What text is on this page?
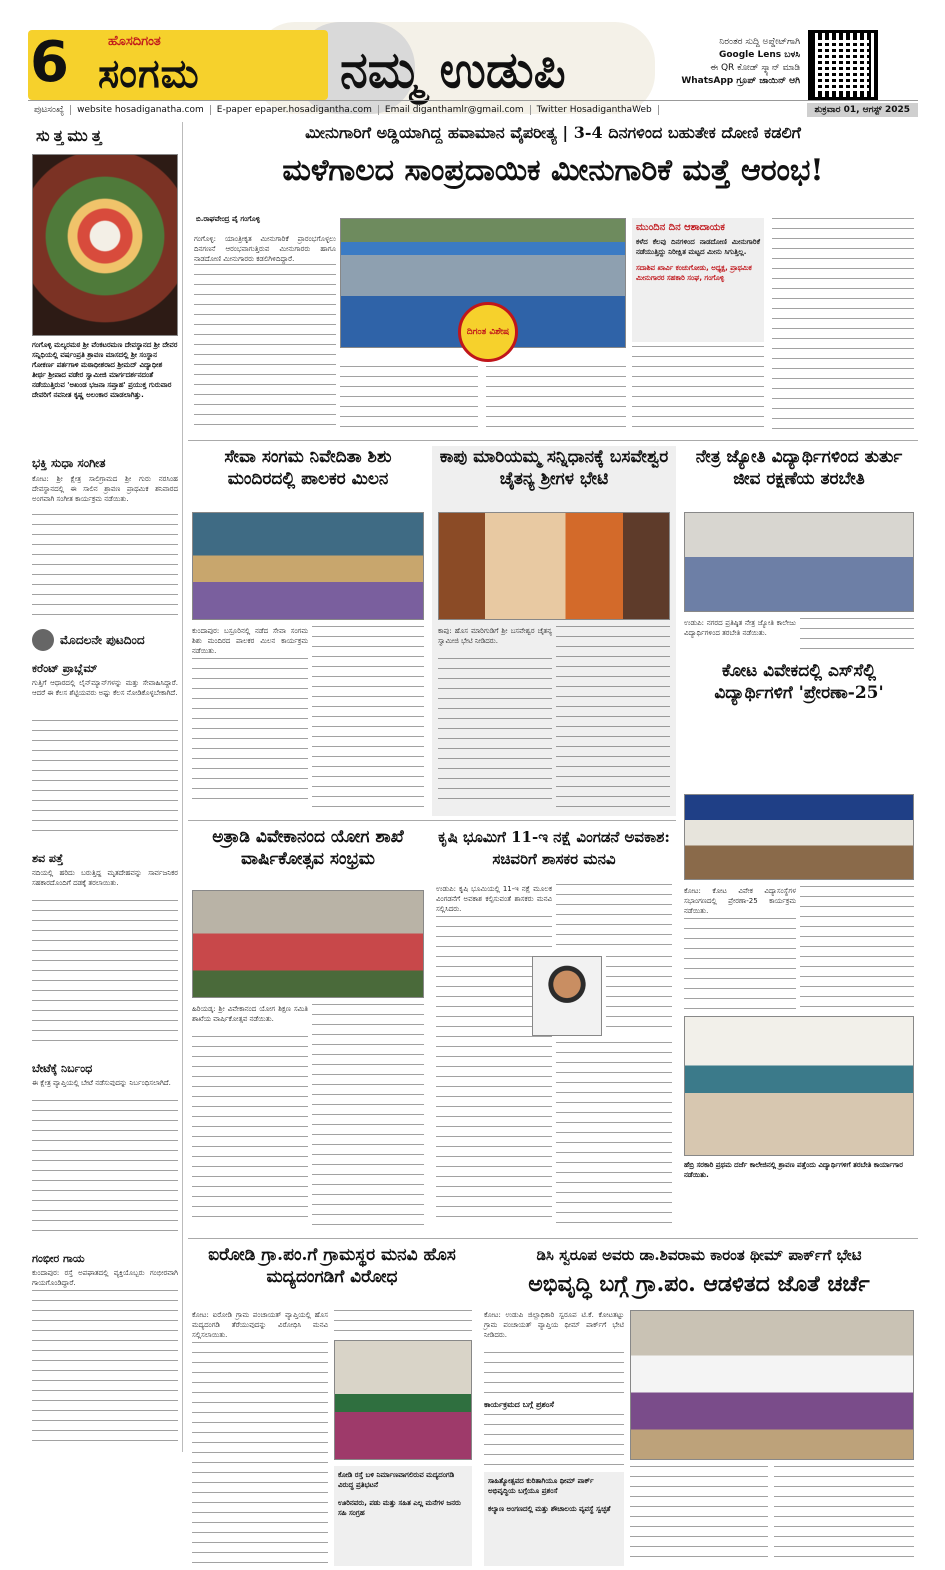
6	ಹೊಸದಿಗಂತ
ಸಂಗಮ	ನಮ್ಮ ಉಡುಪಿ	ನಿರಂತರ ಸುದ್ದಿ ಅಪ್ಡೇಟ್‌ಗಾಗಿ
Google Lens ಬಳಸಿ
ಈ QR ಕೋಡ್ ಸ್ಕ್ಯಾನ್ ಮಾಡಿ
WhatsApp ಗ್ರೂಪ್ ಜಾಯಿನ್ ಆಗಿ
ಪುಟಸಂಖ್ಯೆ	website hosadiganatha.com	E-paper epaper.hosadigantha.com	Email diganthamlr@gmail.com	Twitter HosadiganthaWeb	ಶುಕ್ರವಾರ 01, ಆಗಸ್ಟ್ 2025
ಸುತ್ತಮುತ್ತ
ಗಂಗೊಳ್ಳಿ ಮಲ್ಯರಮಠ ಶ್ರೀ ವೆಂಕಟರಮಣ ದೇವಸ್ಥಾನದ ಶ್ರೀ ದೇವರ ಸನ್ನಿಧಿಯಲ್ಲಿ ವರ್ಷಂಪ್ರತಿ ಶ್ರಾವಣ ಮಾಸದಲ್ಲಿ ಶ್ರೀ ಸಂಸ್ಥಾನ ಗೋಕರ್ಣ ಪರ್ತಗಾಳಿ ಮಠಾಧೀಶರಾದ ಶ್ರೀಮದ್ ವಿದ್ಯಾಧೀಶ ತೀರ್ಥ ಶ್ರೀಪಾದ ವಡೇರ ಸ್ವಾಮೀಜಿ ಮಾರ್ಗದರ್ಶನದಂತೆ ನಡೆಯುತ್ತಿರುವ 'ಅಖಂಡ ಭಜನಾ ಸಪ್ತಾಹ' ಪ್ರಯುಕ್ತ ಗುರುವಾರ ದೇವರಿಗೆ ನವನೀತ ಕೃಷ್ಣ ಅಲಂಕಾರ ಮಾಡಲಾಗಿತ್ತು.
ಭಕ್ತಿ ಸುಧಾ ಸಂಗೀತ
ಕೋಟ: ಶ್ರೀ ಕ್ಷೇತ್ರ ಸಾಲಿಗ್ರಾಮದ ಶ್ರೀ ಗುರು ನರಸಿಂಹ ದೇವಸ್ಥಾನದಲ್ಲಿ ಈ ಸಾಲಿನ ಶ್ರಾವಣ ಪ್ರಾಥಮಿಕ ಶನಿವಾರದ ಅಂಗವಾಗಿ ಸಂಗೀತ ಕಾರ್ಯಕ್ರಮ ನಡೆಯಿತು.
ಮೊದಲನೇ ಪುಟದಿಂದ
ಕರೆಂಟ್ ಪ್ರಾಬ್ಲೆಮ್
ಗುತ್ತಿಗೆ ಆಧಾರದಲ್ಲಿ ಲೈನ್‌ಮ್ಯಾನ್‌ಗಳನ್ನು ಮತ್ತು ಸೇವಾಹಿಸಿದ್ದಾರೆ. ಆದರೆ ಈ ಕೆಲಸ ಶೆಟ್ಟಿಯವರು ಅಷ್ಟು ಕೆಲಸ ನೋಡಿಕೊಳ್ಳಬೇಕಾಗಿದೆ.
ಶವ ಪತ್ತೆ
ನದಿಯಲ್ಲಿ ಹರಿದು ಬರುತ್ತಿದ್ದ ಮೃತದೇಹವನ್ನು ಸಾರ್ವಜನಿಕರ ಸಹಕಾರದೊಂದಿಗೆ ದಡಕ್ಕೆ ತರಲಾಯಿತು.
ಬೇಟೆಕ್ಕೆ ನಿರ್ಬಂಧ
ಈ ಕ್ಷೇತ್ರ ವ್ಯಾಪ್ತಿಯಲ್ಲಿ ಬೇಟೆ ನಡೆಸುವುದನ್ನು ನಿರ್ಬಂಧಿಸಲಾಗಿದೆ.
ಗಂಭೀರ ಗಾಯ
ಕುಂದಾಪುರ: ರಸ್ತೆ ಅಪಘಾತದಲ್ಲಿ ವ್ಯಕ್ತಿಯೊಬ್ಬರು ಗಂಭೀರವಾಗಿ ಗಾಯಗೊಂಡಿದ್ದಾರೆ.
ಮೀನುಗಾರಿಗೆ ಅಡ್ಡಿಯಾಗಿದ್ದ ಹವಾಮಾನ ವೈಪರೀತ್ಯ | 3-4 ದಿನಗಳಿಂದ ಬಹುತೇಕ ದೋಣಿ ಕಡಲಿಗೆ
ಮಳೆಗಾಲದ ಸಾಂಪ್ರದಾಯಿಕ ಮೀನುಗಾರಿಕೆ ಮತ್ತೆ ಆರಂಭ!
ಬಿ.ರಾಘವೇಂದ್ರ ಪೈ ಗಂಗೊಳ್ಳಿ
ಗಂಗೊಳ್ಳಿ: ಯಾಂತ್ರೀಕೃತ ಮೀನುಗಾರಿಕೆ ಪ್ರಾರಂಭಗೊಳ್ಳಲು ದಿನಗಣನೆ ಆರಂಭವಾಗುತ್ತಿರುವ ಮೀನುಗಾರರು ಹಾಗೂ ನಾಡದೋಣಿ ಮೀನುಗಾರರು ಕಡಲಿಗಿಳಿದಿದ್ದಾರೆ.
ದಿಗಂತ ವಿಶೇಷ
ಮುಂದಿನ ದಿನ ಆಶಾದಾಯಕ
ಕಳೆದ ಕೆಲವು ದಿನಗಳಿಂದ ನಾಡದೋಣಿ ಮೀನುಗಾರಿಕೆ ನಡೆಯುತ್ತಿದ್ದು ನಿರೀಕ್ಷಿತ ಮಟ್ಟದ ಮೀನು ಸಿಗುತ್ತಿಲ್ಲ.
ಸದಾಶಿವ ಖಾರ್ವಿ ಕಂಚುಗೋಡು, ಅಧ್ಯಕ್ಷ, ಪ್ರಾಥಮಿಕ ಮೀನುಗಾರರ ಸಹಕಾರಿ ಸಂಘ, ಗಂಗೊಳ್ಳಿ
ಸೇವಾ ಸಂಗಮ ನಿವೇದಿತಾ ಶಿಶು ಮಂದಿರದಲ್ಲಿ ಪಾಲಕರ ಮಿಲನ
ಕುಂದಾಪುರ: ಬಸ್ರೂರಿನಲ್ಲಿ ನಡೆದ ಸೇವಾ ಸಂಗಮ ಶಿಶು ಮಂದಿರದ ಪಾಲಕರ ಮಿಲನ ಕಾರ್ಯಕ್ರಮ ನಡೆಯಿತು.
ಕಾಪು ಮಾರಿಯಮ್ಮ ಸನ್ನಿಧಾನಕ್ಕೆ ಬಸವೇಶ್ವರ ಚೈತನ್ಯ ಶ್ರೀಗಳ ಭೇಟಿ
ಕಾಪು: ಹೊಸ ಮಾರಿಗುಡಿಗೆ ಶ್ರೀ ಬಸವೇಶ್ವರ ಚೈತನ್ಯ ಸ್ವಾಮೀಜಿ ಭೇಟಿ ನೀಡಿದರು.
ನೇತ್ರ ಜ್ಯೋತಿ ವಿದ್ಯಾರ್ಥಿಗಳಿಂದ ತುರ್ತು ಜೀವ ರಕ್ಷಣೆಯ ತರಬೇತಿ
ಉಡುಪಿ: ನಗರದ ಪ್ರತಿಷ್ಠಿತ ನೇತ್ರ ಜ್ಯೋತಿ ಕಾಲೇಜು ವಿದ್ಯಾರ್ಥಿಗಳಿಂದ ತರಬೇತಿ ನಡೆಯಿತು.
ಕೋಟ ವಿವೇಕದಲ್ಲಿ ಎಸ್‌ಸೆಲ್ಲಿ ವಿದ್ಯಾರ್ಥಿಗಳಿಗೆ 'ಪ್ರೇರಣಾ-25'
ಕೋಟ: ಕೋಟ ವಿವೇಕ ವಿದ್ಯಾಸಂಸ್ಥೆಗಳ ಸಭಾಂಗಣದಲ್ಲಿ ಪ್ರೇರಣಾ-25 ಕಾರ್ಯಕ್ರಮ ನಡೆಯಿತು.
ಹೆಬ್ರಿ ಸರಕಾರಿ ಪ್ರಥಮ ದರ್ಜೆ ಕಾಲೇಜಿನಲ್ಲಿ ಶ್ರಾವಣ ಪತ್ತೆಂದು ವಿದ್ಯಾರ್ಥಿಗಳಿಗೆ ತರಬೇತಿ ಕಾರ್ಯಾಗಾರ ನಡೆಯಿತು.
ಅತ್ರಾಡಿ ವಿವೇಕಾನಂದ ಯೋಗ ಶಾಖೆ ವಾರ್ಷಿಕೋತ್ಸವ ಸಂಭ್ರಮ
ಹಿರಿಯಡ್ಕ: ಶ್ರೀ ವಿವೇಕಾನಂದ ಯೋಗ ಶಿಕ್ಷಣ ಸಮಿತಿ ಶಾಖೆಯ ವಾರ್ಷಿಕೋತ್ಸವ ನಡೆಯಿತು.
ಕೃಷಿ ಭೂಮಿಗೆ 11-ಇ ನಕ್ಷೆ ವಿಂಗಡನೆ ಅವಕಾಶ: ಸಚಿವರಿಗೆ ಶಾಸಕರ ಮನವಿ
ಉಡುಪಿ: ಕೃಷಿ ಭೂಮಿಯಲ್ಲಿ 11-ಇ ನಕ್ಷೆ ಮೂಲಕ ವಿಂಗಡನೆಗೆ ಅವಕಾಶ ಕಲ್ಪಿಸುವಂತೆ ಶಾಸಕರು ಮನವಿ ಸಲ್ಲಿಸಿದರು.
ಐರೋಡಿ ಗ್ರಾ.ಪಂ.ಗೆ ಗ್ರಾಮಸ್ಥರ ಮನವಿ ಹೊಸ ಮದ್ಯದಂಗಡಿಗೆ ವಿರೋಧ
ಕೋಟ: ಐರೋಡಿ ಗ್ರಾಮ ಪಂಚಾಯತ್ ವ್ಯಾಪ್ತಿಯಲ್ಲಿ ಹೊಸ ಮದ್ಯದಂಗಡಿ ತೆರೆಯುವುದನ್ನು ವಿರೋಧಿಸಿ ಮನವಿ ಸಲ್ಲಿಸಲಾಯಿತು.
ಕೋಡಿ ರಸ್ತೆ ಬಳಿ ನಿರ್ಮಾಣವಾಗಲಿರುವ ಮದ್ಯದಂಗಡಿ ವಿರುದ್ಧ ಪ್ರತಿಭಟನೆ
ಊರಿನವರು, ಪಡು ಮತ್ತು ಸಹಿತ ಎಲ್ಲ ಮನೆಗಳ ಜನರು ಸಹಿ ಸಂಗ್ರಹ
ಡಿಸಿ ಸ್ವರೂಪ ಅವರು ಡಾ.ಶಿವರಾಮ ಕಾರಂತ ಥೀಮ್ ಪಾರ್ಕ್‌ಗೆ ಭೇಟಿ
ಅಭಿವೃದ್ಧಿ ಬಗ್ಗೆ ಗ್ರಾ.ಪಂ. ಆಡಳಿತದ ಜೊತೆ ಚರ್ಚೆ
ಕೋಟ: ಉಡುಪಿ ಜಿಲ್ಲಾಧಿಕಾರಿ ಸ್ವರೂಪ ಟಿ.ಕೆ. ಕೋಟತಟ್ಟು ಗ್ರಾಮ ಪಂಚಾಯತ್ ವ್ಯಾಪ್ತಿಯ ಥೀಮ್ ಪಾರ್ಕ್‌ಗೆ ಭೇಟಿ ನೀಡಿದರು.
ಕಾರ್ಯಕ್ರಮದ ಬಗ್ಗೆ ಪ್ರಶಂಸೆ
ಸಾಹಿತ್ಯೋತ್ಸವದ ಕುರಿತಾಗಿಯೂ ಥೀಮ್ ಪಾರ್ಕ್ ಅಭಿವೃದ್ಧಿಯ ಬಗ್ಗೆಯೂ ಪ್ರಶಂಸೆ
ಕಲ್ಯಾಣ ಅಂಗಣದಲ್ಲಿ ಮತ್ತು ಶೌಚಾಲಯ ವ್ಯವಸ್ಥೆ ಸ್ವಚ್ಛತೆ
